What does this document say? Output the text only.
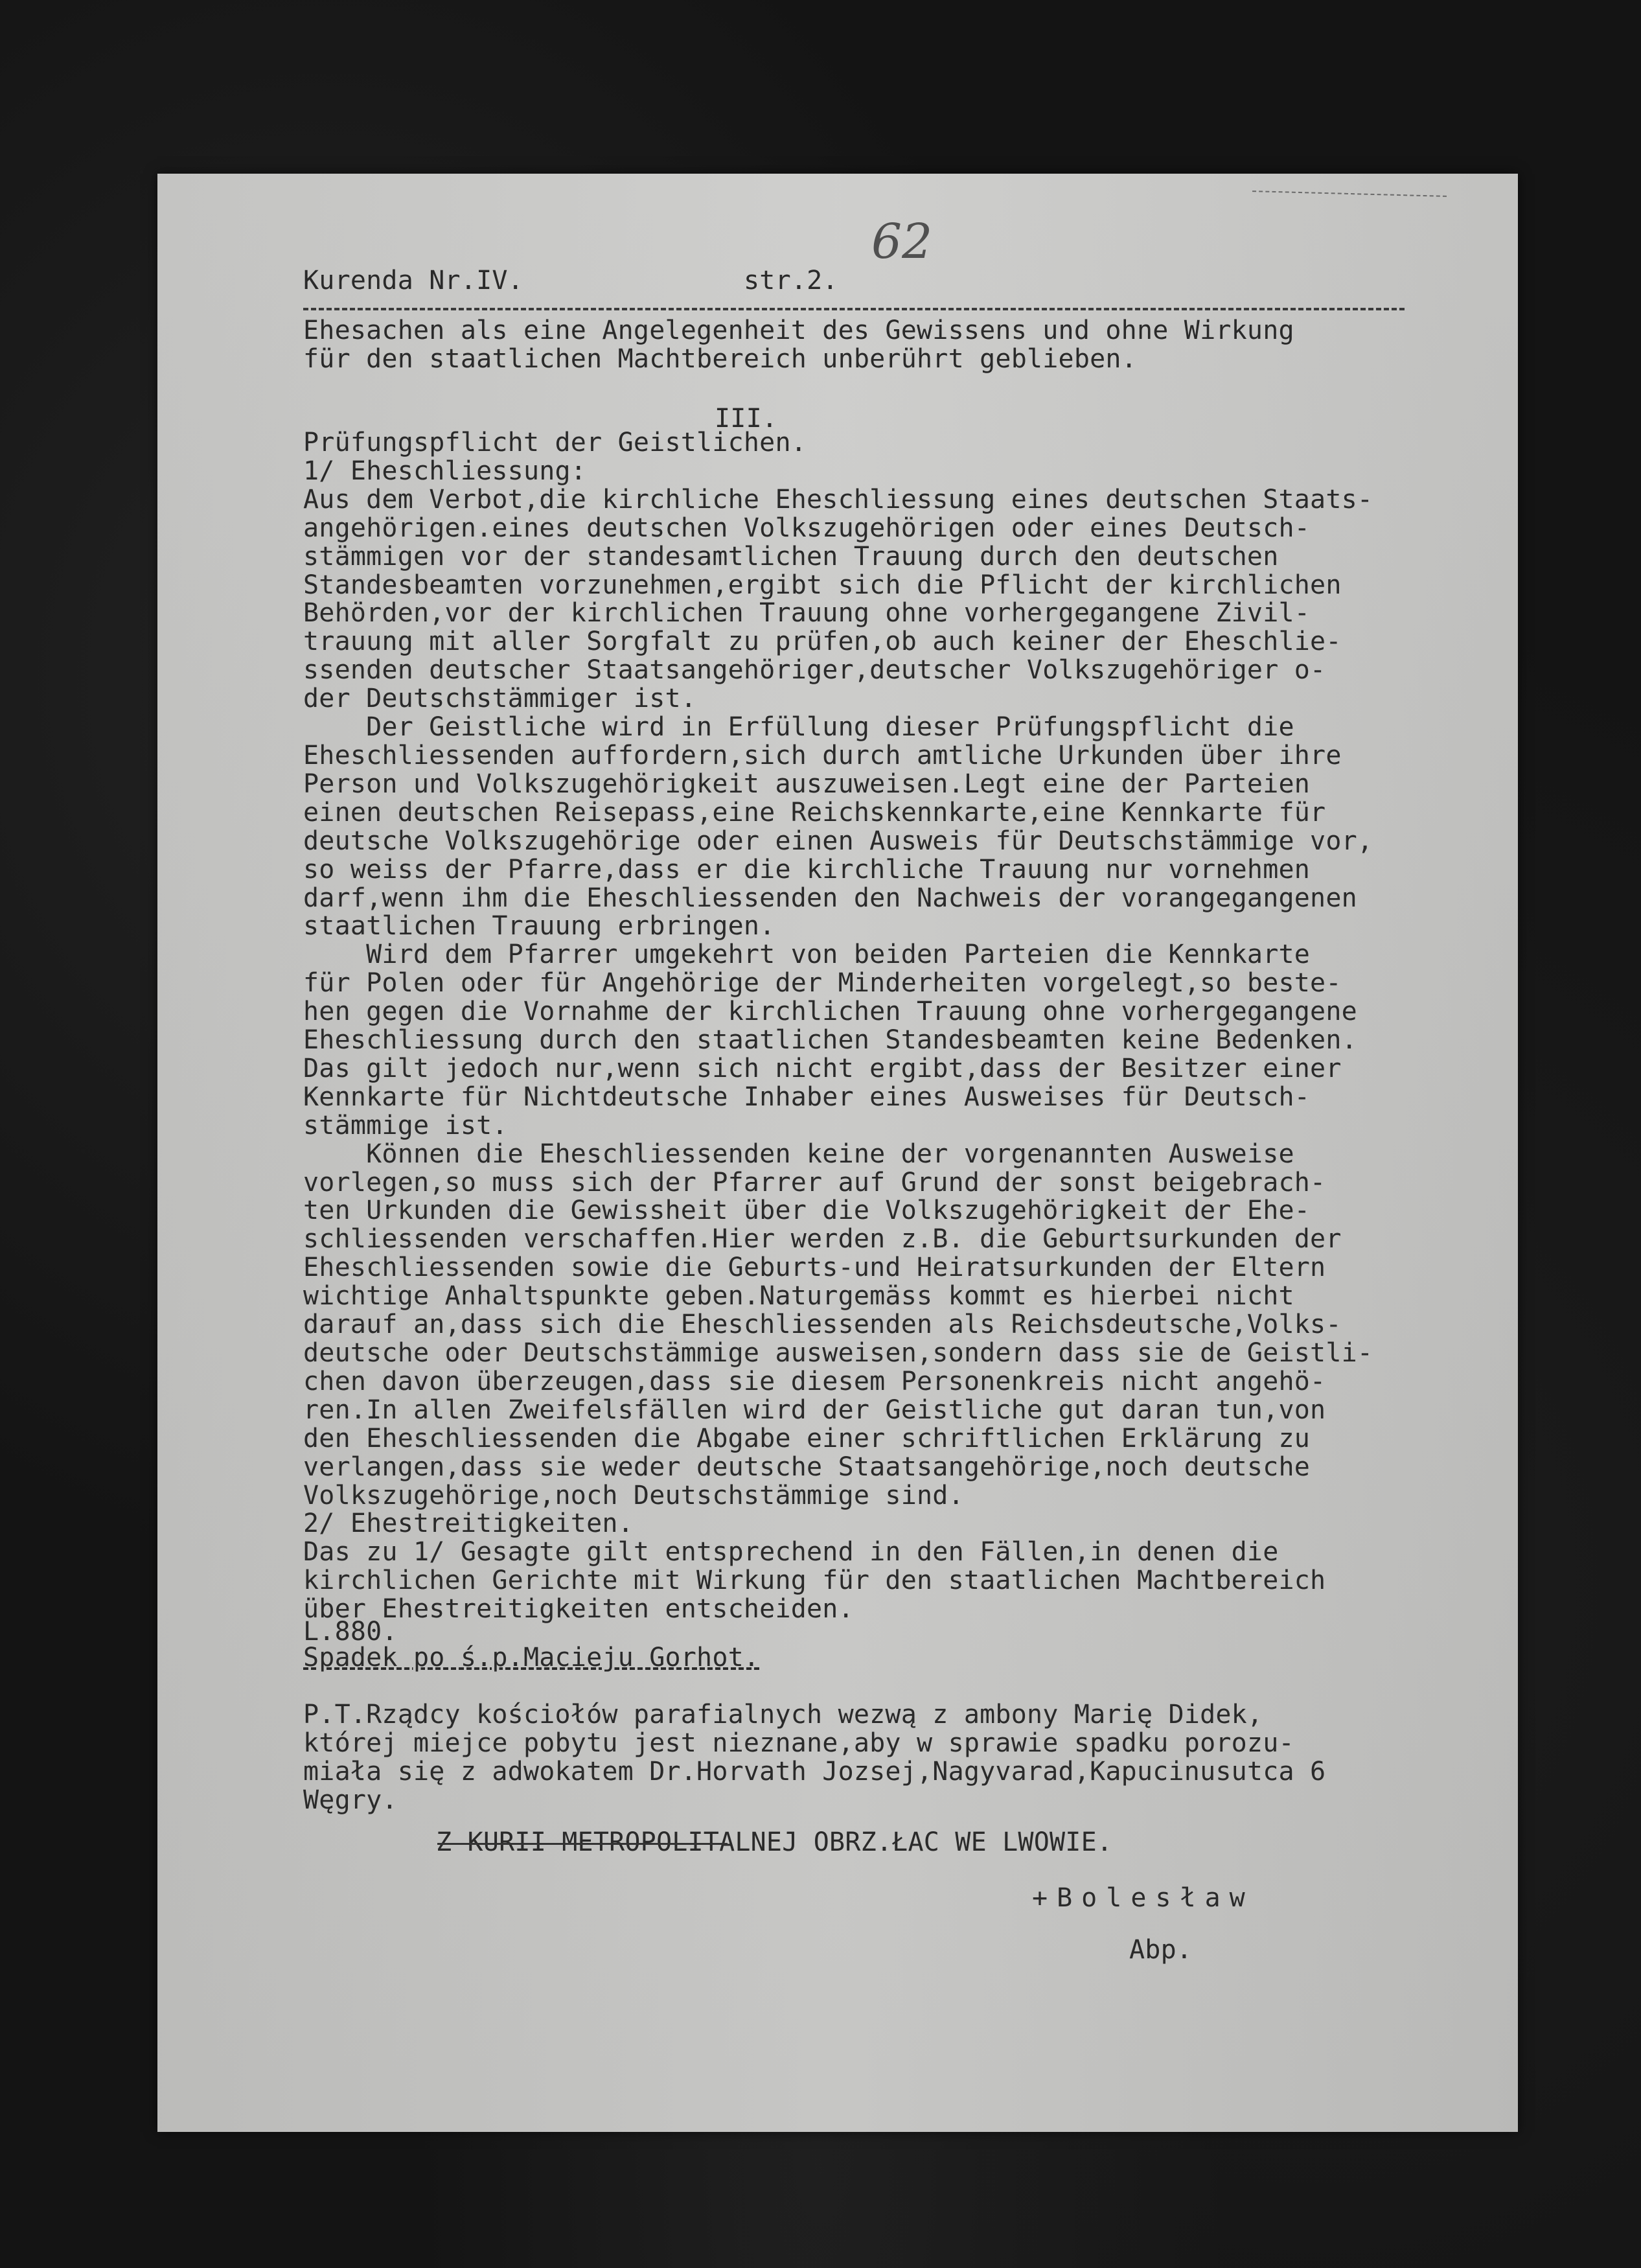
62
Kurenda Nr.IV.	str.2.
Ehesachen als eine Angelegenheit des Gewissens und ohne Wirkung
für den staatlichen Machtbereich unberührt geblieben.
III.
Prüfungspflicht der Geistlichen.
1/ Eheschliessung:
Aus dem Verbot,die kirchliche Eheschliessung eines deutschen Staats-
angehörigen.eines deutschen Volkszugehörigen oder eines Deutsch-
stämmigen vor der standesamtlichen Trauung durch den deutschen
Standesbeamten vorzunehmen,ergibt sich die Pflicht der kirchlichen
Behörden,vor der kirchlichen Trauung ohne vorhergegangene Zivil-
trauung mit aller Sorgfalt zu prüfen,ob auch keiner der Eheschlie-
ssenden deutscher Staatsangehöriger,deutscher Volkszugehöriger o-
der Deutschstämmiger ist.
Der Geistliche wird in Erfüllung dieser Prüfungspflicht die
Eheschliessenden auffordern,sich durch amtliche Urkunden über ihre
Person und Volkszugehörigkeit auszuweisen.Legt eine der Parteien
einen deutschen Reisepass,eine Reichskennkarte,eine Kennkarte für
deutsche Volkszugehörige oder einen Ausweis für Deutschstämmige vor,
so weiss der Pfarre,dass er die kirchliche Trauung nur vornehmen
darf,wenn ihm die Eheschliessenden den Nachweis der vorangegangenen
staatlichen Trauung erbringen.
Wird dem Pfarrer umgekehrt von beiden Parteien die Kennkarte
für Polen oder für Angehörige der Minderheiten vorgelegt,so beste-
hen gegen die Vornahme der kirchlichen Trauung ohne vorhergegangene
Eheschliessung durch den staatlichen Standesbeamten keine Bedenken.
Das gilt jedoch nur,wenn sich nicht ergibt,dass der Besitzer einer
Kennkarte für Nichtdeutsche Inhaber eines Ausweises für Deutsch-
stämmige ist.
Können die Eheschliessenden keine der vorgenannten Ausweise
vorlegen,so muss sich der Pfarrer auf Grund der sonst beigebrach-
ten Urkunden die Gewissheit über die Volkszugehörigkeit der Ehe-
schliessenden verschaffen.Hier werden z.B. die Geburtsurkunden der
Eheschliessenden sowie die Geburts-und Heiratsurkunden der Eltern
wichtige Anhaltspunkte geben.Naturgemäss kommt es hierbei nicht
darauf an,dass sich die Eheschliessenden als Reichsdeutsche,Volks-
deutsche oder Deutschstämmige ausweisen,sondern dass sie de Geistli-
chen davon überzeugen,dass sie diesem Personenkreis nicht angehö-
ren.In allen Zweifelsfällen wird der Geistliche gut daran tun,von
den Eheschliessenden die Abgabe einer schriftlichen Erklärung zu
verlangen,dass sie weder deutsche Staatsangehörige,noch deutsche
Volkszugehörige,noch Deutschstämmige sind.
2/ Ehestreitigkeiten.
Das zu 1/ Gesagte gilt entsprechend in den Fällen,in denen die
kirchlichen Gerichte mit Wirkung für den staatlichen Machtbereich
über Ehestreitigkeiten entscheiden.
L.880.
Spadek po ś.p.Macieju Gorhot.
P.T.Rządcy kościołów parafialnych wezwą z ambony Marię Didek,
której miejce pobytu jest nieznane,aby w sprawie spadku porozu-
miała się z adwokatem Dr.Horvath Jozsej,Nagyvarad,Kapucinusutca 6
Węgry.
Z KURII METROPOLITALNEJ OBRZ.ŁAC WE LWOWIE.
+Bolesław
Abp.
